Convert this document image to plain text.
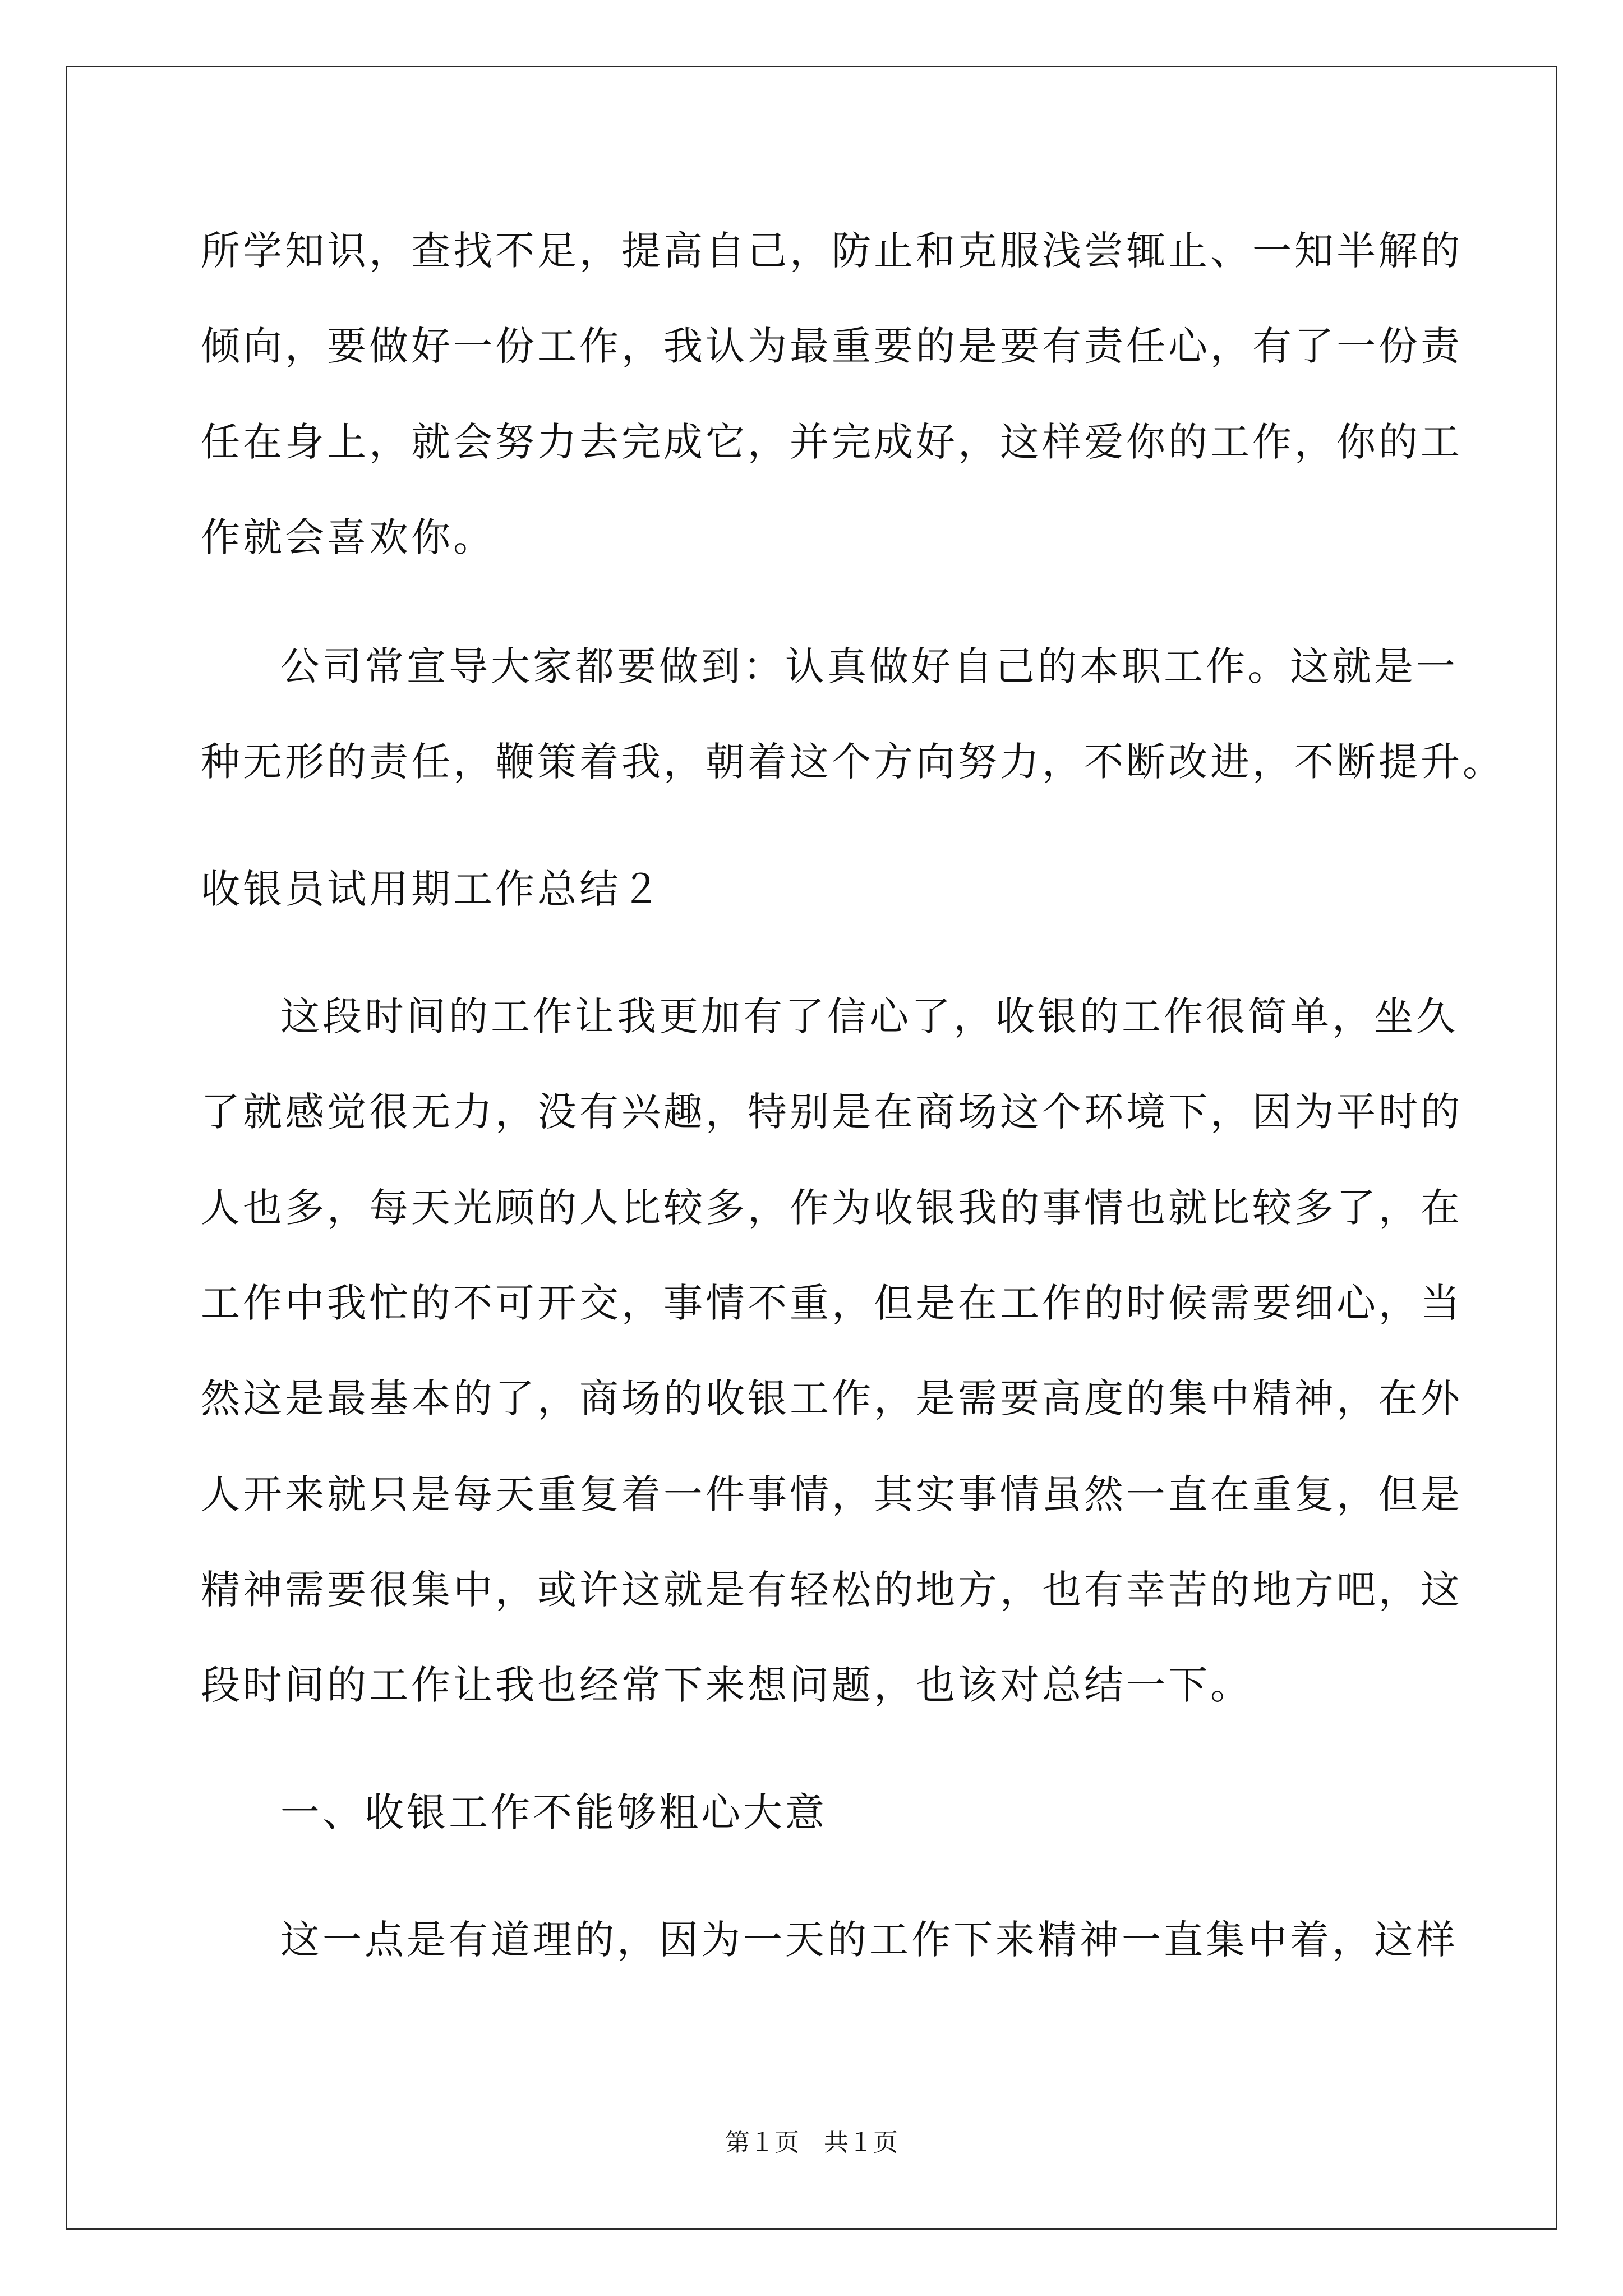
所学知识，查找不足，提高自己，防止和克服浅尝辄止、一知半解的
倾向，要做好一份工作，我认为最重要的是要有责任心，有了一份责
任在身上，就会努力去完成它，并完成好，这样爱你的工作，你的工
作就会喜欢你。
公司常宣导大家都要做到：认真做好自己的本职工作。这就是一
种无形的责任，鞭策着我，朝着这个方向努力，不断改进，不断提升。
收银员试用期工作总结２
这段时间的工作让我更加有了信心了，收银的工作很简单，坐久
了就感觉很无力，没有兴趣，特别是在商场这个环境下，因为平时的
人也多，每天光顾的人比较多，作为收银我的事情也就比较多了，在
工作中我忙的不可开交，事情不重，但是在工作的时候需要细心，当
然这是最基本的了，商场的收银工作，是需要高度的集中精神，在外
人开来就只是每天重复着一件事情，其实事情虽然一直在重复，但是
精神需要很集中，或许这就是有轻松的地方，也有幸苦的地方吧，这
段时间的工作让我也经常下来想问题，也该对总结一下。
一、收银工作不能够粗心大意
这一点是有道理的，因为一天的工作下来精神一直集中着，这样
第１页　共１页
